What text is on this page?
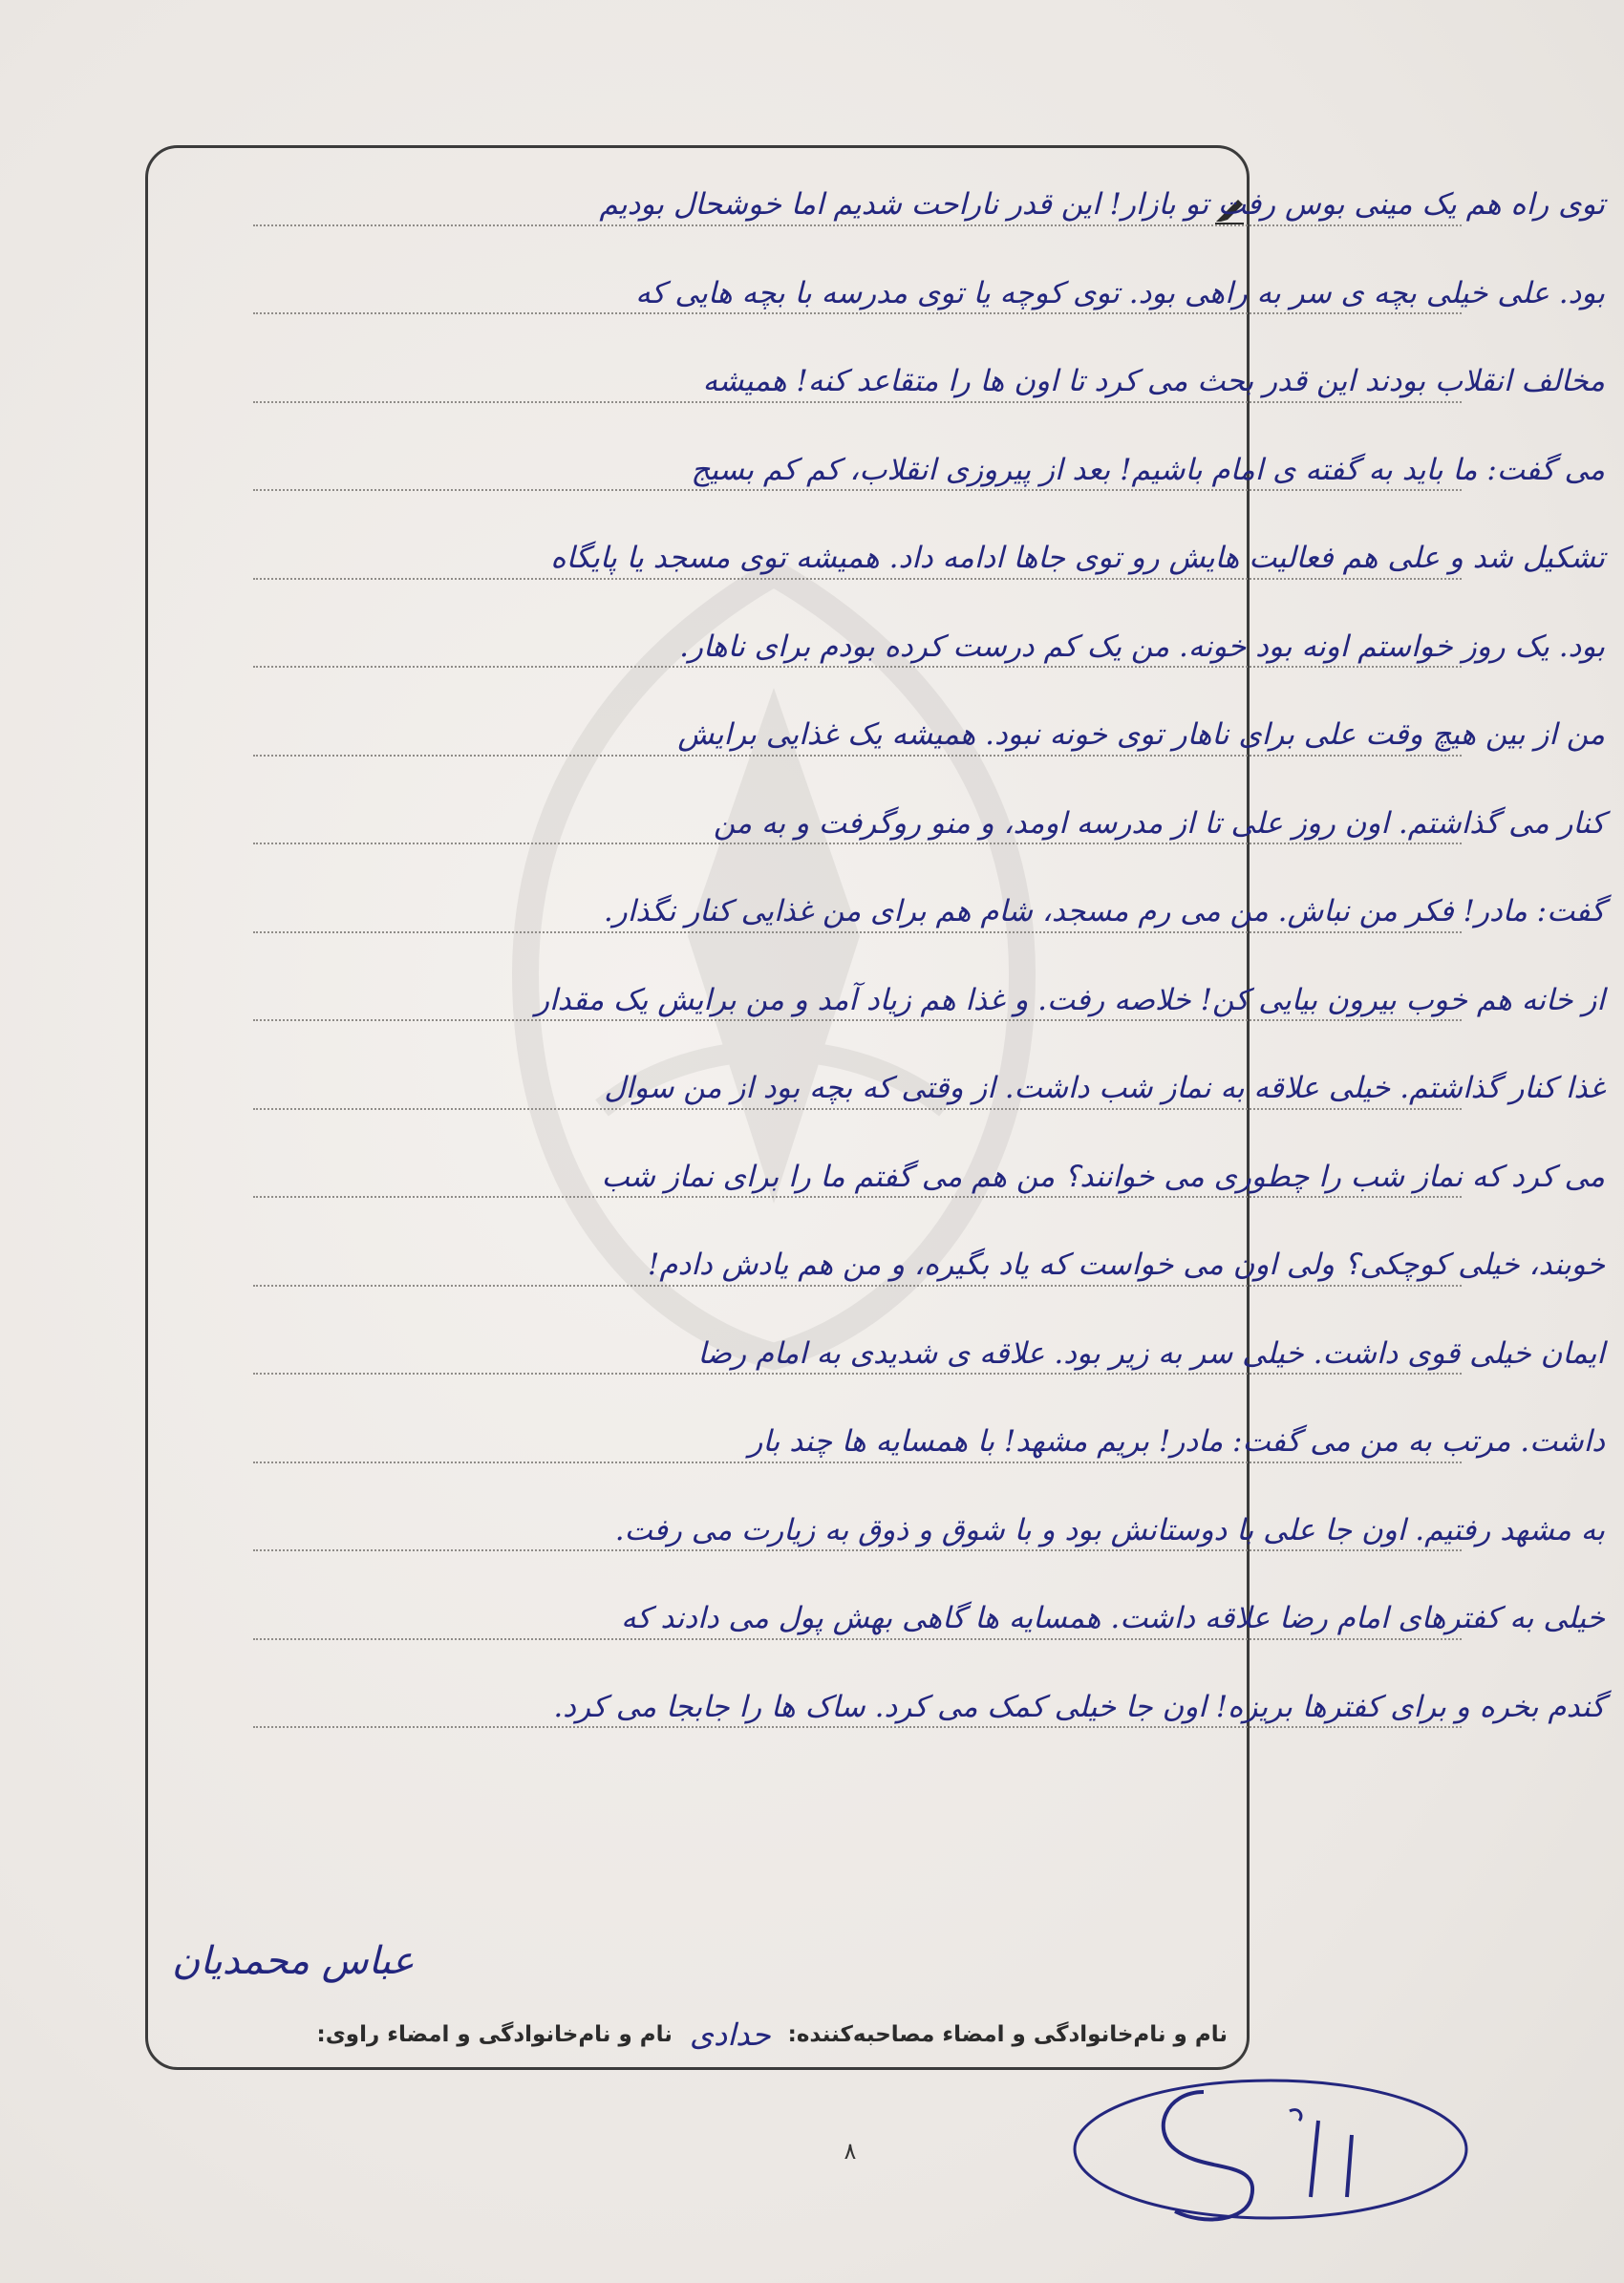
توی راه هم یک مینی بوس رفت تو بازار! این قدر ناراحت شدیم اما خوشحال بودیم
بود. علی خیلی بچه ی سر به راهی بود. توی کوچه یا توی مدرسه با بچه هایی که
مخالف انقلاب بودند این قدر بحث می کرد تا اون ها را متقاعد کنه! همیشه
می گفت: ما باید به گفته ی امام باشیم! بعد از پیروزی انقلاب، کم کم بسیج
تشکیل شد و علی هم فعالیت هایش رو توی جاها ادامه داد. همیشه توی مسجد یا پایگاه
بود. یک روز خواستم اونه بود خونه. من یک کم درست کرده بودم برای ناهار.
من از بین هیچ وقت علی برای ناهار توی خونه نبود. همیشه یک غذایی برایش
کنار می گذاشتم. اون روز علی تا از مدرسه اومد، و منو روگرفت و به من
گفت: مادر! فکر من نباش. من می رم مسجد، شام هم برای من غذایی کنار نگذار.
از خانه هم خوب بیرون بیایی کن! خلاصه رفت. و غذا هم زیاد آمد و من برایش یک مقدار
غذا کنار گذاشتم. خیلی علاقه به نماز شب داشت. از وقتی که بچه بود از من سوال
می کرد که نماز شب را چطوری می خوانند؟ من هم می گفتم ما را برای نماز شب
خوبند، خیلی کوچکی؟ ولی اون می خواست که یاد بگیره، و من هم یادش دادم!
ایمان خیلی قوی داشت. خیلی سر به زیر بود. علاقه ی شدیدی به امام رضا
داشت. مرتب به من می گفت: مادر! بریم مشهد! با همسایه ها چند بار
به مشهد رفتیم. اون جا علی با دوستانش بود و با شوق و ذوق به زیارت می رفت.
خیلی به کفترهای امام رضا علاقه داشت. همسایه ها گاهی بهش پول می دادند که
گندم بخره و برای کفترها بریزه! اون جا خیلی کمک می کرد. ساک ها را جابجا می کرد.
عباس محمدیان
نام و نام‌خانوادگی و امضاء مصاحبه‌کننده:
حدادی
نام و نام‌خانوادگی و امضاء راوی:
۸
